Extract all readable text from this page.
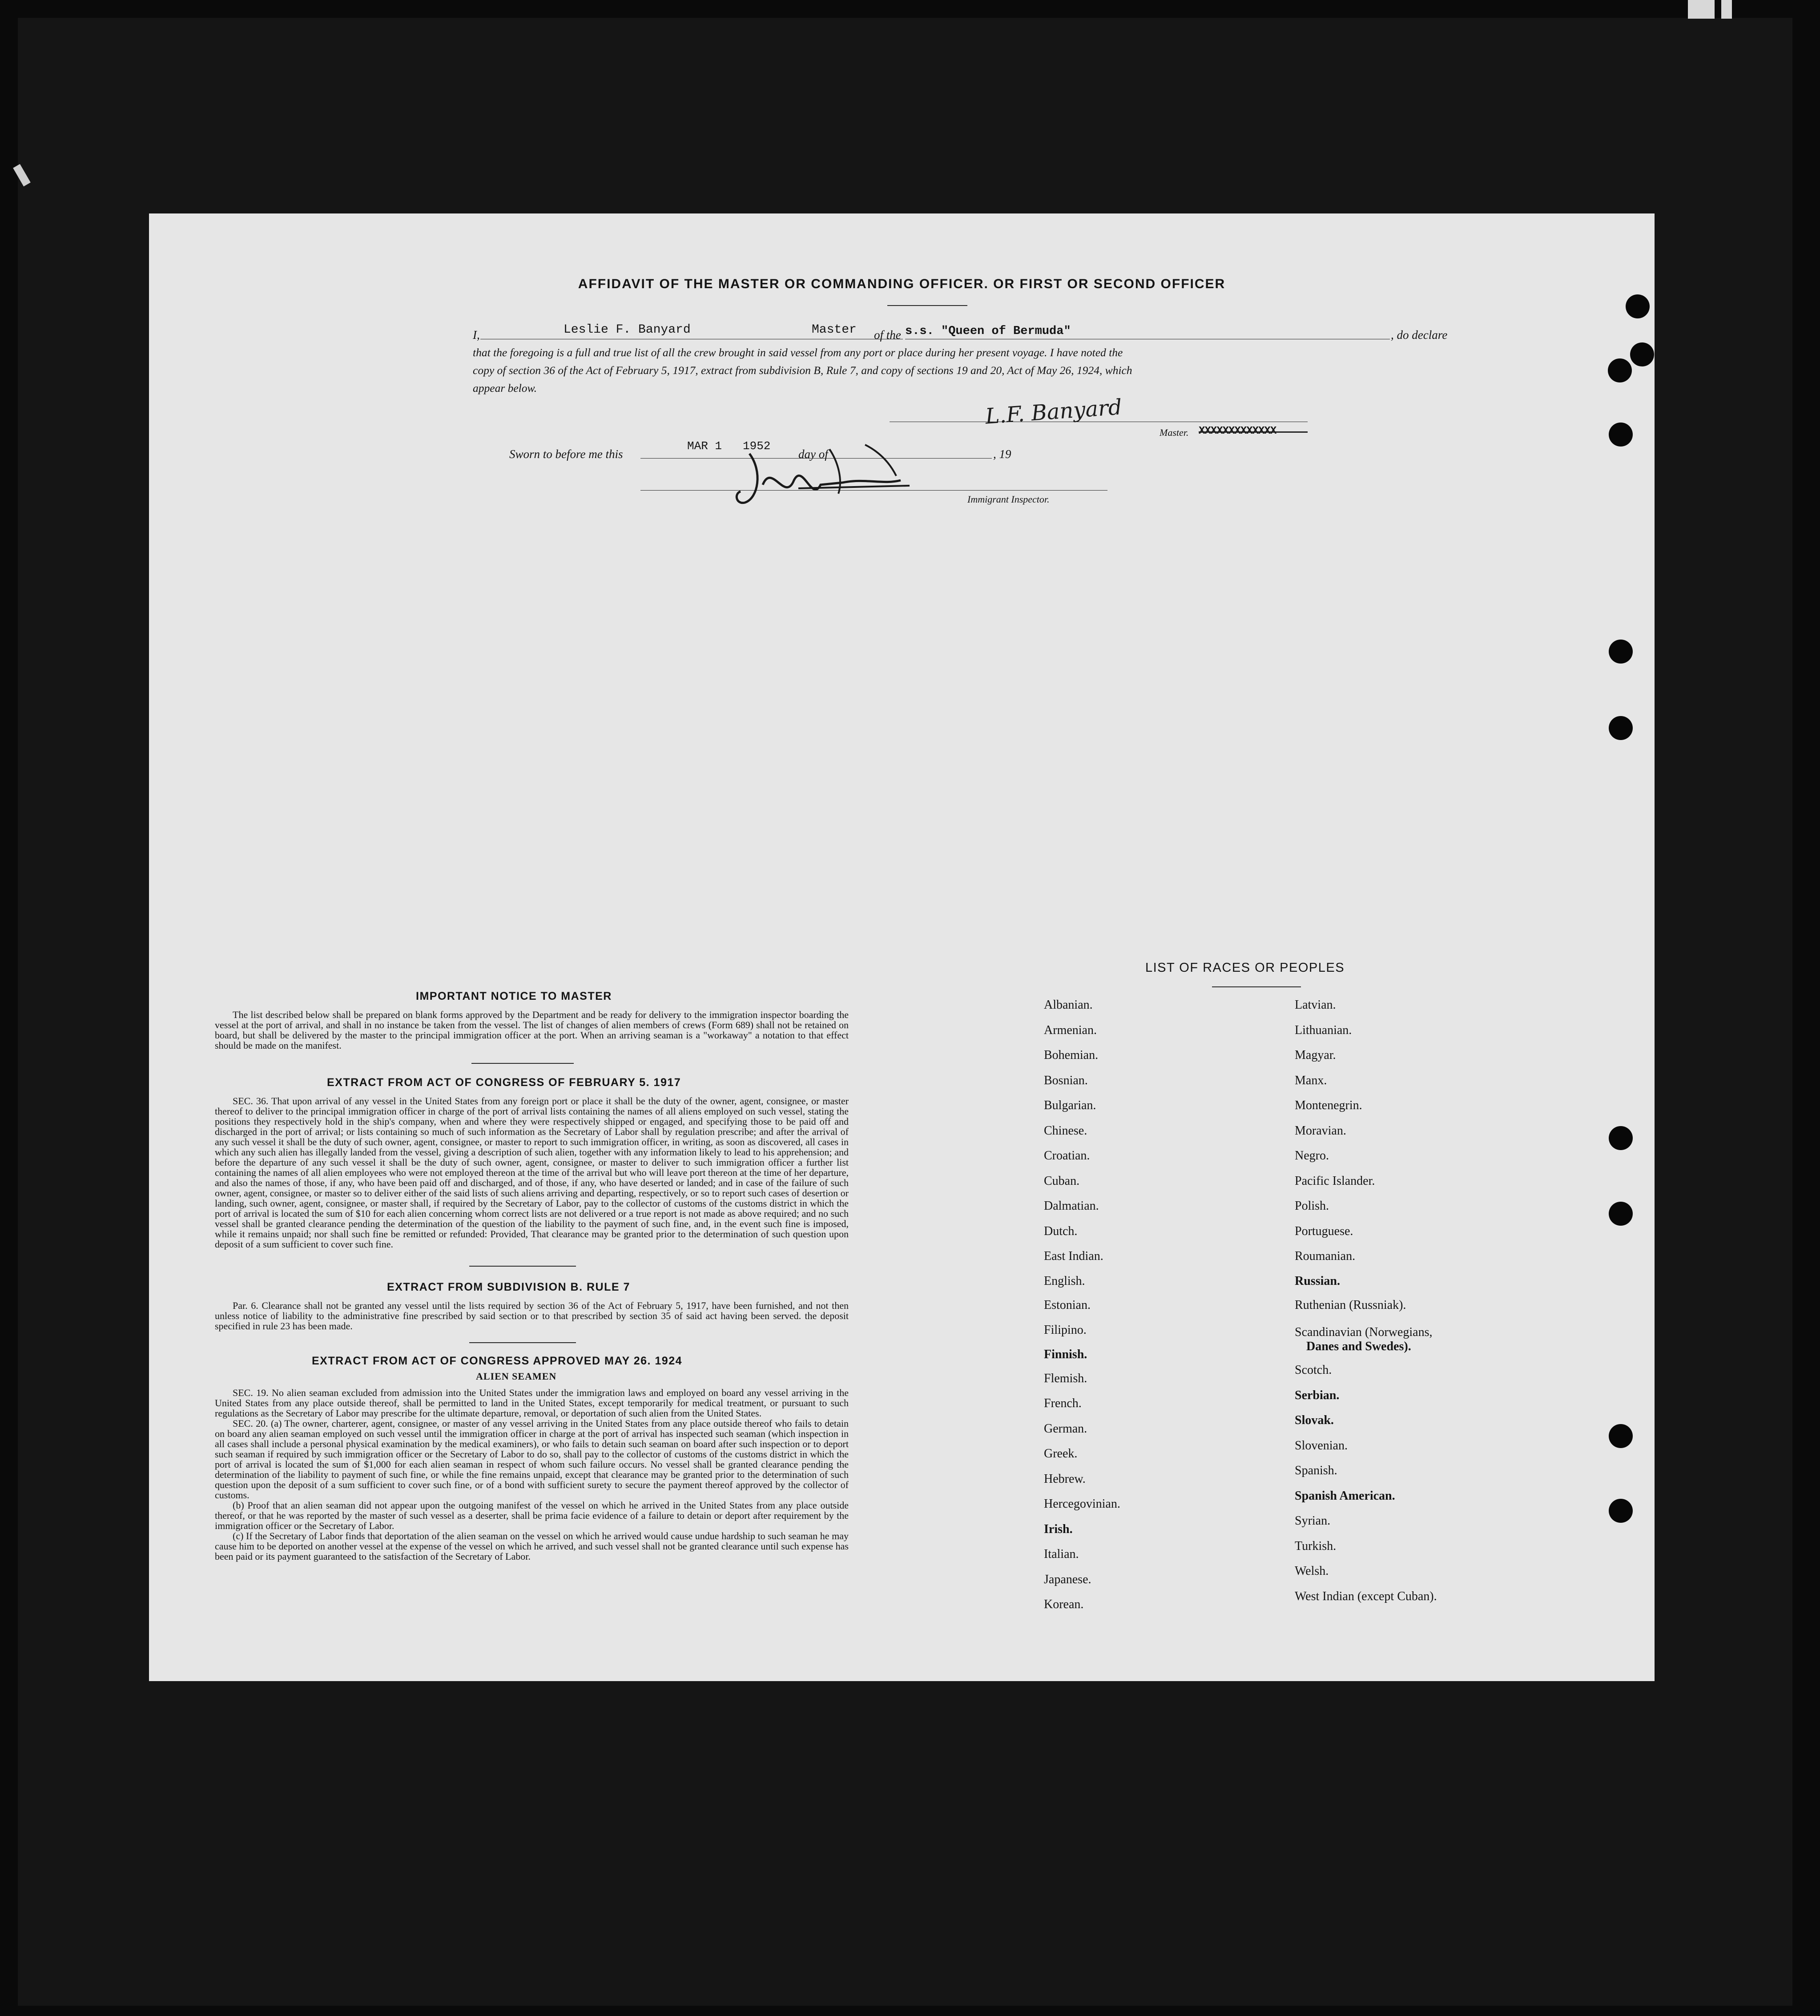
AFFIDAVIT OF THE MASTER OR COMMANDING OFFICER. OR FIRST OR SECOND OFFICER
I,	Leslie F. Banyard	Master of the s.s. "Queen of Bermuda"	, do declare
that the foregoing is a full and true list of all the crew brought in said vessel from any port or place during her present voyage. I have noted the
copy of section 36 of the Act of February 5, 1917, extract from subdivision B, Rule 7, and copy of sections 19 and 20, Act of May 26, 1924, which
appear below.
L.F. Banyard
Master.
Sworn to before me this
MAR 1 1952
day of	, 19
Immigrant Inspector.
IMPORTANT NOTICE TO MASTER

The list described below shall be prepared on blank forms approved by the Department and be ready for delivery to the immigration inspector boarding the vessel at the port of arrival, and shall in no instance be taken from the vessel. The list of changes of alien members of crews (Form 689) shall not be retained on board, but shall be delivered by the master to the principal immigration officer at the port. When an arriving seaman is a "workaway" a notation to that effect should be made on the manifest.

EXTRACT FROM ACT OF CONGRESS OF FEBRUARY 5. 1917

SEC. 36. That upon arrival of any vessel in the United States from any foreign port or place it shall be the duty of the owner, agent, consignee, or master thereof to deliver to the principal immigration officer in charge of the port of arrival lists containing the names of all aliens employed on such vessel, stating the positions they respectively hold in the ship's company, when and where they were respectively shipped or engaged, and specifying those to be paid off and discharged in the port of arrival; or lists containing so much of such information as the Secretary of Labor shall by regulation prescribe; and after the arrival of any such vessel it shall be the duty of such owner, agent, consignee, or master to report to such immigration officer, in writing, as soon as discovered, all cases in which any such alien has illegally landed from the vessel, giving a description of such alien, together with any information likely to lead to his apprehension; and before the departure of any such vessel it shall be the duty of such owner, agent, consignee, or master to deliver to such immigration officer a further list containing the names of all alien employees who were not employed thereon at the time of the arrival but who will leave port thereon at the time of her departure, and also the names of those, if any, who have been paid off and discharged, and of those, if any, who have deserted or landed; and in case of the failure of such owner, agent, consignee, or master so to deliver either of the said lists of such aliens arriving and departing, respectively, or so to report such cases of desertion or landing, such owner, agent, consignee, or master shall, if required by the Secretary of Labor, pay to the collector of customs of the customs district in which the port of arrival is located the sum of $10 for each alien concerning whom correct lists are not delivered or a true report is not made as above required; and no such vessel shall be granted clearance pending the determination of the question of the liability to the payment of such fine, and, in the event such fine is imposed, while it remains unpaid; nor shall such fine be remitted or refunded: Provided, That clearance may be granted prior to the determination of such question upon deposit of a sum sufficient to cover such fine.

EXTRACT FROM SUBDIVISION B. RULE 7

Par. 6. Clearance shall not be granted any vessel until the lists required by section 36 of the Act of February 5, 1917, have been furnished, and not then unless notice of liability to the administrative fine prescribed by said section or to that prescribed by section 35 of said act having been served. the deposit specified in rule 23 has been made.

EXTRACT FROM ACT OF CONGRESS APPROVED MAY 26. 1924
ALIEN SEAMEN

SEC. 19. No alien seaman excluded from admission into the United States under the immigration laws and employed on board any vessel arriving in the United States from any place outside thereof, shall be permitted to land in the United States, except temporarily for medical treatment, or pursuant to such regulations as the Secretary of Labor may prescribe for the ultimate departure, removal, or deportation of such alien from the United States.

SEC. 20. (a) The owner, charterer, agent, consignee, or master of any vessel arriving in the United States from any place outside thereof who fails to detain on board any alien seaman employed on such vessel until the immigration officer in charge at the port of arrival has inspected such seaman (which inspection in all cases shall include a personal physical examination by the medical examiners), or who fails to detain such seaman on board after such inspection or to deport such seaman if required by such immigration officer or the Secretary of Labor to do so, shall pay to the collector of customs of the customs district in which the port of arrival is located the sum of $1,000 for each alien seaman in respect of whom such failure occurs. No vessel shall be granted clearance pending the determination of the liability to payment of such fine, or while the fine remains unpaid, except that clearance may be granted prior to the determination of such question upon the deposit of a sum sufficient to cover such fine, or of a bond with sufficient surety to secure the payment thereof approved by the collector of customs.

(b) Proof that an alien seaman did not appear upon the outgoing manifest of the vessel on which he arrived in the United States from any place outside thereof, or that he was reported by the master of such vessel as a deserter, shall be prima facie evidence of a failure to detain or deport after requirement by the immigration officer or the Secretary of Labor.

(c) If the Secretary of Labor finds that deportation of the alien seaman on the vessel on which he arrived would cause undue hardship to such seaman he may cause him to be deported on another vessel at the expense of the vessel on which he arrived, and such vessel shall not be granted clearance until such expense has been paid or its payment guaranteed to the satisfaction of the Secretary of Labor.

LIST OF RACES OR PEOPLES
Albanian.
Armenian.
Bohemian.
Bosnian.
Bulgarian.
Chinese.
Croatian.
Cuban.
Dalmatian.
Dutch.
East Indian.
English.
Estonian.
Filipino.
Finnish.
Flemish.
French.
German.
Greek.
Hebrew.
Hercegovinian.
Irish.
Italian.
Japanese.
Korean.
Latvian.
Lithuanian.
Magyar.
Manx.
Montenegrin.
Moravian.
Negro.
Pacific Islander.
Polish.
Portuguese.
Roumanian.
Russian.
Ruthenian (Russniak).
Scandinavian (Norwegians,
Danes and Swedes).
Scotch.
Serbian.
Slovak.
Slovenian.
Spanish.
Spanish American.
Syrian.
Turkish.
Welsh.
West Indian (except Cuban).
